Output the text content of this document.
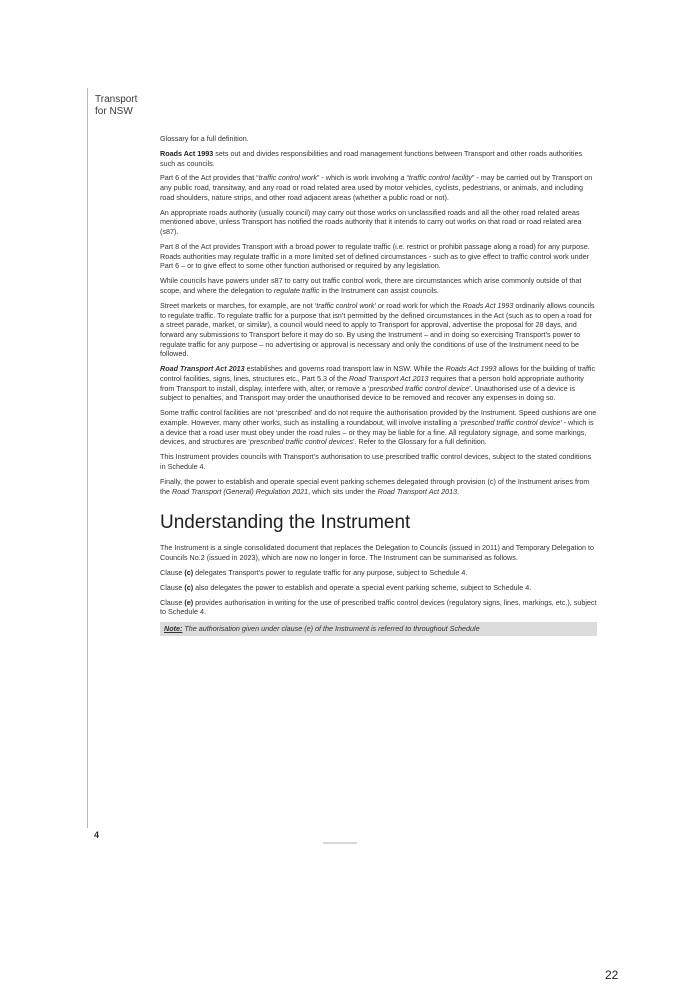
Transport
for NSW

Glossary for a full definition.

Roads Act 1993 sets out and divides responsibilities and road management functions between Transport and other roads authorities such as councils.

Part 6 of the Act provides that “traffic control work” - which is work involving a “traffic control facility” - may be carried out by Transport on any public road, transitway, and any road or road related area used by motor vehicles, cyclists, pedestrians, or animals, and including road shoulders, nature strips, and other road adjacent areas (whether a public road or not).

An appropriate roads authority (usually council) may carry out those works on unclassified roads and all the other road related areas mentioned above, unless Transport has notified the roads authority that it intends to carry out works on that road or road related area (s87).

Part 8 of the Act provides Transport with a broad power to regulate traffic (i.e. restrict or prohibit passage along a road) for any purpose. Roads authorities may regulate traffic in a more limited set of defined circumstances - such as to give effect to traffic control work under Part 6 – or to give effect to some other function authorised or required by any legislation.

While councils have powers under s87 to carry out traffic control work, there are circumstances which arise commonly outside of that scope, and where the delegation to regulate traffic in the Instrument can assist councils.

Street markets or marches, for example, are not ‘traffic control work’ or road work for which the Roads Act 1993 ordinarily allows councils to regulate traffic. To regulate traffic for a purpose that isn’t permitted by the defined circumstances in the Act (such as to open a road for a street parade, market, or similar), a council would need to apply to Transport for approval, advertise the proposal for 28 days, and forward any submissions to Transport before it may do so. By using the Instrument – and in doing so exercising Transport’s power to regulate traffic for any purpose – no advertising or approval is necessary and only the conditions of use of the Instrument need to be followed.

Road Transport Act 2013 establishes and governs road transport law in NSW. While the Roads Act 1993 allows for the building of traffic control facilities, signs, lines, structures etc., Part 5.3 of the Road Transport Act 2013 requires that a person hold appropriate authority from Transport to install, display, interfere with, alter, or remove a ‘prescribed traffic control device’. Unauthorised use of a device is subject to penalties, and Transport may order the unauthorised device to be removed and recover any expenses in doing so.

Some traffic control facilities are not ‘prescribed’ and do not require the authorisation provided by the Instrument. Speed cushions are one example. However, many other works, such as installing a roundabout, will involve installing a ‘prescribed traffic control device’ - which is a device that a road user must obey under the road rules – or they may be liable for a fine. All regulatory signage, and some markings, devices, and structures are ‘prescribed traffic control devices’. Refer to the Glossary for a full definition.

This Instrument provides councils with Transport’s authorisation to use prescribed traffic control devices, subject to the stated conditions in Schedule 4.

Finally, the power to establish and operate special event parking schemes delegated through provision (c) of the Instrument arises from the Road Transport (General) Regulation 2021, which sits under the Road Transport Act 2013.

Understanding the Instrument

The Instrument is a single consolidated document that replaces the Delegation to Councils (issued in 2011) and Temporary Delegation to Councils No.2 (issued in 2023), which are now no longer in force. The Instrument can be summarised as follows.

Clause (c) delegates Transport’s power to regulate traffic for any purpose, subject to Schedule 4.

Clause (c) also delegates the power to establish and operate a special event parking scheme, subject to Schedule 4.

Clause (e) provides authorisation in writing for the use of prescribed traffic control devices (regulatory signs, lines, markings, etc.), subject to Schedule 4.

Note: The authorisation given under clause (e) of the Instrument is referred to throughout Schedule
4
22
